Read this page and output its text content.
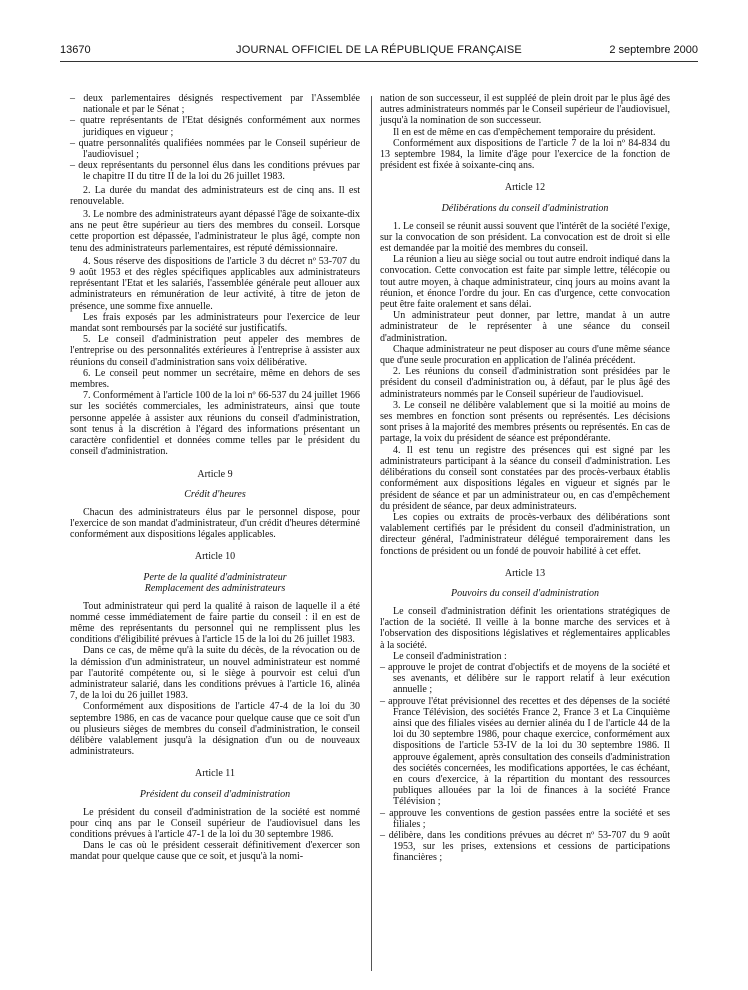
13670	JOURNAL OFFICIEL DE LA RÉPUBLIQUE FRANÇAISE	2 septembre 2000

– deux parlementaires désignés respectivement par l'Assemblée nationale et par le Sénat ;

– quatre représentants de l'Etat désignés conformément aux normes juridiques en vigueur ;

– quatre personnalités qualifiées nommées par le Conseil supérieur de l'audiovisuel ;

– deux représentants du personnel élus dans les conditions prévues par le chapitre II du titre II de la loi du 26 juillet 1983.

2. La durée du mandat des administrateurs est de cinq ans. Il est renouvelable.

3. Le nombre des administrateurs ayant dépassé l'âge de soixante-dix ans ne peut être supérieur au tiers des membres du conseil. Lorsque cette proportion est dépassée, l'administrateur le plus âgé, compte non tenu des administrateurs parlementaires, est réputé démissionnaire.

4. Sous réserve des dispositions de l'article 3 du décret nº 53-707 du 9 août 1953 et des règles spécifiques applicables aux administrateurs représentant l'Etat et les salariés, l'assemblée générale peut allouer aux administrateurs en rémunération de leur activité, à titre de jeton de présence, une somme fixe annuelle.

Les frais exposés par les administrateurs pour l'exercice de leur mandat sont remboursés par la société sur justificatifs.

5. Le conseil d'administration peut appeler des membres de l'entreprise ou des personnalités extérieures à l'entreprise à assister aux réunions du conseil d'administration sans voix délibérative.

6. Le conseil peut nommer un secrétaire, même en dehors de ses membres.

7. Conformément à l'article 100 de la loi nº 66-537 du 24 juillet 1966 sur les sociétés commerciales, les administrateurs, ainsi que toute personne appelée à assister aux réunions du conseil d'administration, sont tenus à la discrétion à l'égard des informations présentant un caractère confidentiel et données comme telles par le président du conseil d'administration.

Article 9
Crédit d'heures

Chacun des administrateurs élus par le personnel dispose, pour l'exercice de son mandat d'administrateur, d'un crédit d'heures déterminé conformément aux dispositions légales applicables.

Article 10
Perte de la qualité d'administrateur
Remplacement des administrateurs

Tout administrateur qui perd la qualité à raison de laquelle il a été nommé cesse immédiatement de faire partie du conseil : il en est de même des représentants du personnel qui ne remplissent plus les conditions d'éligibilité prévues à l'article 15 de la loi du 26 juillet 1983.

Dans ce cas, de même qu'à la suite du décès, de la révocation ou de la démission d'un administrateur, un nouvel administrateur est nommé par l'autorité compétente ou, si le siège à pourvoir est celui d'un administrateur salarié, dans les conditions prévues à l'article 16, alinéa 7, de la loi du 26 juillet 1983.

Conformément aux dispositions de l'article 47-4 de la loi du 30 septembre 1986, en cas de vacance pour quelque cause que ce soit d'un ou plusieurs sièges de membres du conseil d'administration, le conseil délibère valablement jusqu'à la désignation d'un ou de nouveaux administrateurs.

Article 11
Président du conseil d'administration

Le président du conseil d'administration de la société est nommé pour cinq ans par le Conseil supérieur de l'audiovisuel dans les conditions prévues à l'article 47-1 de la loi du 30 septembre 1986.

Dans le cas où le président cesserait définitivement d'exercer son mandat pour quelque cause que ce soit, et jusqu'à la nomi-

nation de son successeur, il est suppléé de plein droit par le plus âgé des autres administrateurs nommés par le Conseil supérieur de l'audiovisuel, jusqu'à la nomination de son successeur.

Il en est de même en cas d'empêchement temporaire du président.

Conformément aux dispositions de l'article 7 de la loi nº 84-834 du 13 septembre 1984, la limite d'âge pour l'exercice de la fonction de président est fixée à soixante-cinq ans.

Article 12
Délibérations du conseil d'administration

1. Le conseil se réunit aussi souvent que l'intérêt de la société l'exige, sur la convocation de son président. La convocation est de droit si elle est demandée par la moitié des membres du conseil.

La réunion a lieu au siège social ou tout autre endroit indiqué dans la convocation. Cette convocation est faite par simple lettre, télécopie ou tout autre moyen, à chaque administrateur, cinq jours au moins avant la réunion, et énonce l'ordre du jour. En cas d'urgence, cette convocation peut être faite oralement et sans délai.

Un administrateur peut donner, par lettre, mandat à un autre administrateur de le représenter à une séance du conseil d'administration.

Chaque administrateur ne peut disposer au cours d'une même séance que d'une seule procuration en application de l'alinéa précédent.

2. Les réunions du conseil d'administration sont présidées par le président du conseil d'administration ou, à défaut, par le plus âgé des administrateurs nommés par le Conseil supérieur de l'audiovisuel.

3. Le conseil ne délibère valablement que si la moitié au moins de ses membres en fonction sont présents ou représentés. Les décisions sont prises à la majorité des membres présents ou représentés. En cas de partage, la voix du président de séance est prépondérante.

4. Il est tenu un registre des présences qui est signé par les administrateurs participant à la séance du conseil d'administration. Les délibérations du conseil sont constatées par des procès-verbaux établis conformément aux dispositions légales en vigueur et signés par le président de séance et par un administrateur ou, en cas d'empêchement du président de séance, par deux administrateurs.

Les copies ou extraits de procès-verbaux des délibérations sont valablement certifiés par le président du conseil d'administration, un directeur général, l'administrateur délégué temporairement dans les fonctions de président ou un fondé de pouvoir habilité à cet effet.

Article 13
Pouvoirs du conseil d'administration

Le conseil d'administration définit les orientations stratégiques de l'action de la société. Il veille à la bonne marche des services et à l'observation des dispositions législatives et réglementaires applicables à la société.

Le conseil d'administration :

– approuve le projet de contrat d'objectifs et de moyens de la société et ses avenants, et délibère sur le rapport relatif à leur exécution annuelle ;

– approuve l'état prévisionnel des recettes et des dépenses de la société France Télévision, des sociétés France 2, France 3 et La Cinquième ainsi que des filiales visées au dernier alinéa du I de l'article 44 de la loi du 30 septembre 1986, pour chaque exercice, conformément aux dispositions de l'article 53-IV de la loi du 30 septembre 1986. Il approuve également, après consultation des conseils d'administration des sociétés concernées, les modifications apportées, le cas échéant, en cours d'exercice, à la répartition du montant des ressources publiques allouées par la loi de finances à la société France Télévision ;

– approuve les conventions de gestion passées entre la société et ses filiales ;

– délibère, dans les conditions prévues au décret nº 53-707 du 9 août 1953, sur les prises, extensions et cessions de participations financières ;
